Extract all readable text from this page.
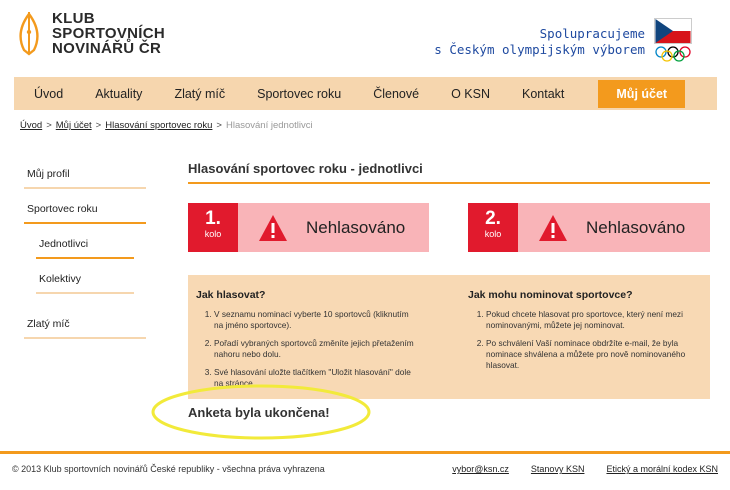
KLUB
SPORTOVNÍCH
NOVINÁŘŮ ČR
Spolupracujeme
s Českým olympijským výborem
Úvod	Aktuality	Zlatý míč	Sportovec roku	Členové	O KSN	Kontakt	Můj účet
Úvod > Můj účet > Hlasování sportovec roku > Hlasování jednotlivci
Můj profil
Sportovec roku
Jednotlivci
Kolektivy
Zlatý míč
Hlasování sportovec roku - jednotlivci
1.
kolo	Nehlasováno	2.
kolo	Nehlasováno
Jak hlasovat?
1. V seznamu nominací vyberte 10 sportovců (kliknutím na jméno sportovce).
2. Pořadí vybraných sportovců změníte jejich přetažením nahoru nebo dolu.
3. Své hlasování uložte tlačítkem "Uložit hlasování" dole na stránce.
Jak mohu nominovat sportovce?
1. Pokud chcete hlasovat pro sportovce, který není mezi nominovanými, můžete jej nominovat.
2. Po schválení Vaší nominace obdržíte e-mail, že byla nominace shválena a můžete pro nově nominovaného hlasovat.
Anketa byla ukončena!
© 2013 Klub sportovních novinářů České republiky - všechna práva vyhrazena	vybor@ksn.cz Stanovy KSN Etický a morální kodex KSN
